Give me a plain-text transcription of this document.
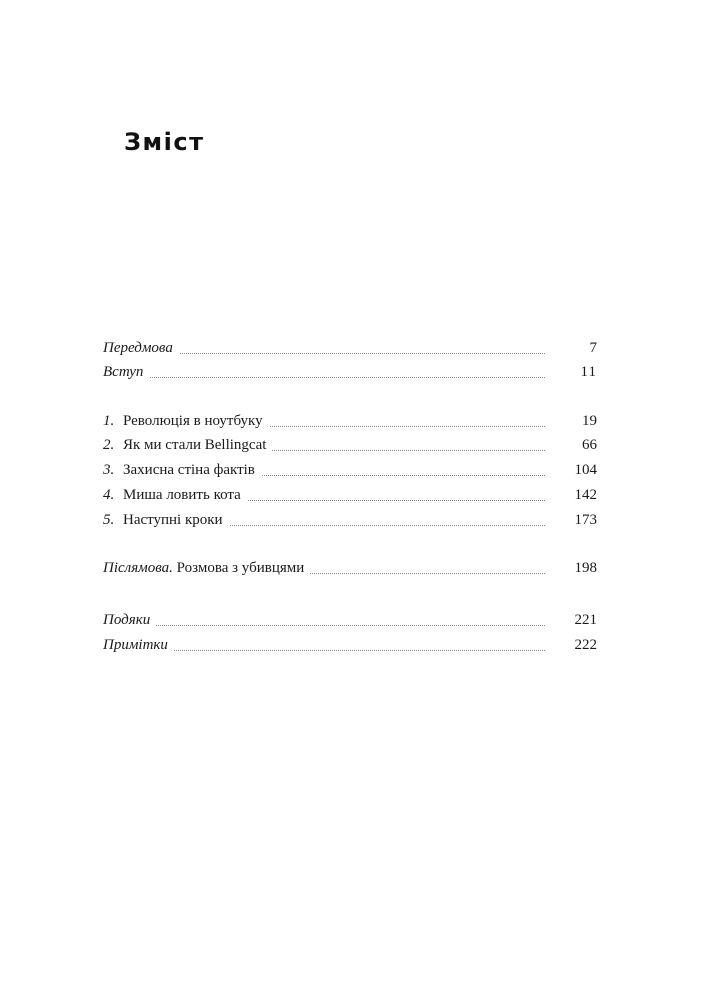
Зміст
Передмова	7
Вступ	11
1. Революція в ноутбуку	19
2. Як ми стали Bellingcat	66
3. Захисна стіна фактів	104
4. Миша ловить кота	142
5. Наступні кроки	173
Післямова. Розмова з убивцями	198
Подяки	221
Примітки	222
